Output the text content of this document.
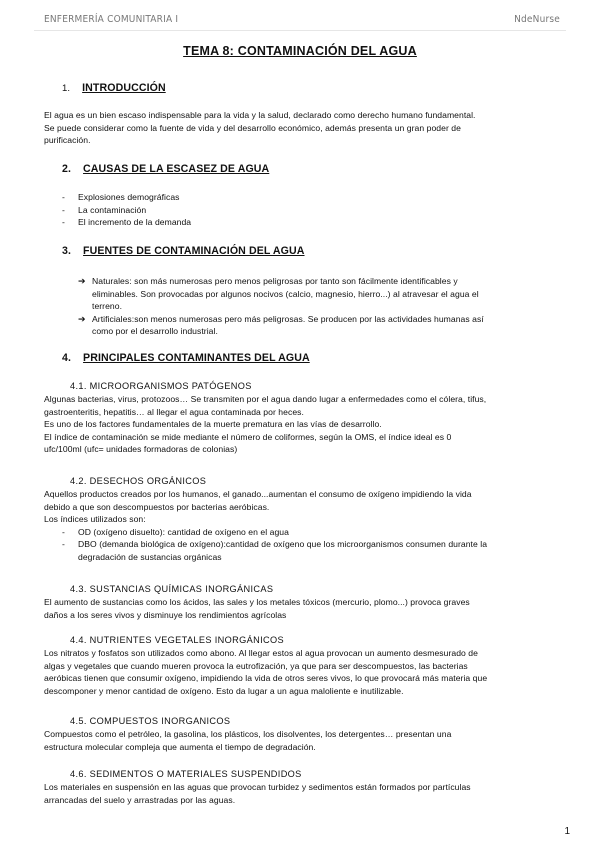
ENFERMERÍA COMUNITARIA I	NdeNurse
TEMA 8: CONTAMINACIÓN DEL AGUA
1. INTRODUCCIÓN
El agua es un bien escaso indispensable para la vida y la salud, declarado como derecho humano fundamental.
Se puede considerar como la fuente de vida y del desarrollo económico, además presenta un gran poder de
purificación.
2. CAUSAS DE LA ESCASEZ DE AGUA
-	Explosiones demográficas
-	La contaminación
-	El incremento de la demanda
3. FUENTES DE CONTAMINACIÓN DEL AGUA
➔ Naturales: son más numerosas pero menos peligrosas por tanto son fácilmente identificables y
eliminables. Son provocadas por algunos nocivos (calcio, magnesio, hierro...) al atravesar el agua el
terreno.
➔ Artificiales:son menos numerosas pero más peligrosas. Se producen por las actividades humanas así
como por el desarrollo industrial.
4. PRINCIPALES CONTAMINANTES DEL AGUA
4.1. MICROORGANISMOS PATÓGENOS
Algunas bacterias, virus, protozoos… Se transmiten por el agua dando lugar a enfermedades como el cólera, tifus,
gastroenteritis, hepatitis… al llegar el agua contaminada por heces.
Es uno de los factores fundamentales de la muerte prematura en las vías de desarrollo.
El índice de contaminación se mide mediante el número de coliformes, según la OMS, el índice ideal es 0
ufc/100ml (ufc= unidades formadoras de colonias)
4.2. DESECHOS ORGÁNICOS
Aquellos productos creados por los humanos, el ganado...aumentan el consumo de oxígeno impidiendo la vida
debido a que son descompuestos por bacterias aeróbicas.
Los índices utilizados son:
-	OD (oxígeno disuelto): cantidad de oxígeno en el agua
-	DBO (demanda biológica de oxígeno):cantidad de oxígeno que los microorganismos consumen durante la
degradación de sustancias orgánicas
4.3. SUSTANCIAS QUÍMICAS INORGÁNICAS
El aumento de sustancias como los ácidos, las sales y los metales tóxicos (mercurio, plomo...) provoca graves
daños a los seres vivos y disminuye los rendimientos agrícolas
4.4. NUTRIENTES VEGETALES INORGÁNICOS
Los nitratos y fosfatos son utilizados como abono. Al llegar estos al agua provocan un aumento desmesurado de
algas y vegetales que cuando mueren provoca la eutrofización, ya que para ser descompuestos, las bacterias
aeróbicas tienen que consumir oxígeno, impidiendo la vida de otros seres vivos, lo que provocará más materia que
descomponer y menor cantidad de oxígeno. Esto da lugar a un agua maloliente e inutilizable.
4.5. COMPUESTOS INORGANICOS
Compuestos como el petróleo, la gasolina, los plásticos, los disolventes, los detergentes… presentan una
estructura molecular compleja que aumenta el tiempo de degradación.
4.6. SEDIMENTOS O MATERIALES SUSPENDIDOS
Los materiales en suspensión en las aguas que provocan turbidez y sedimentos están formados por partículas
arrancadas del suelo y arrastradas por las aguas.
1
